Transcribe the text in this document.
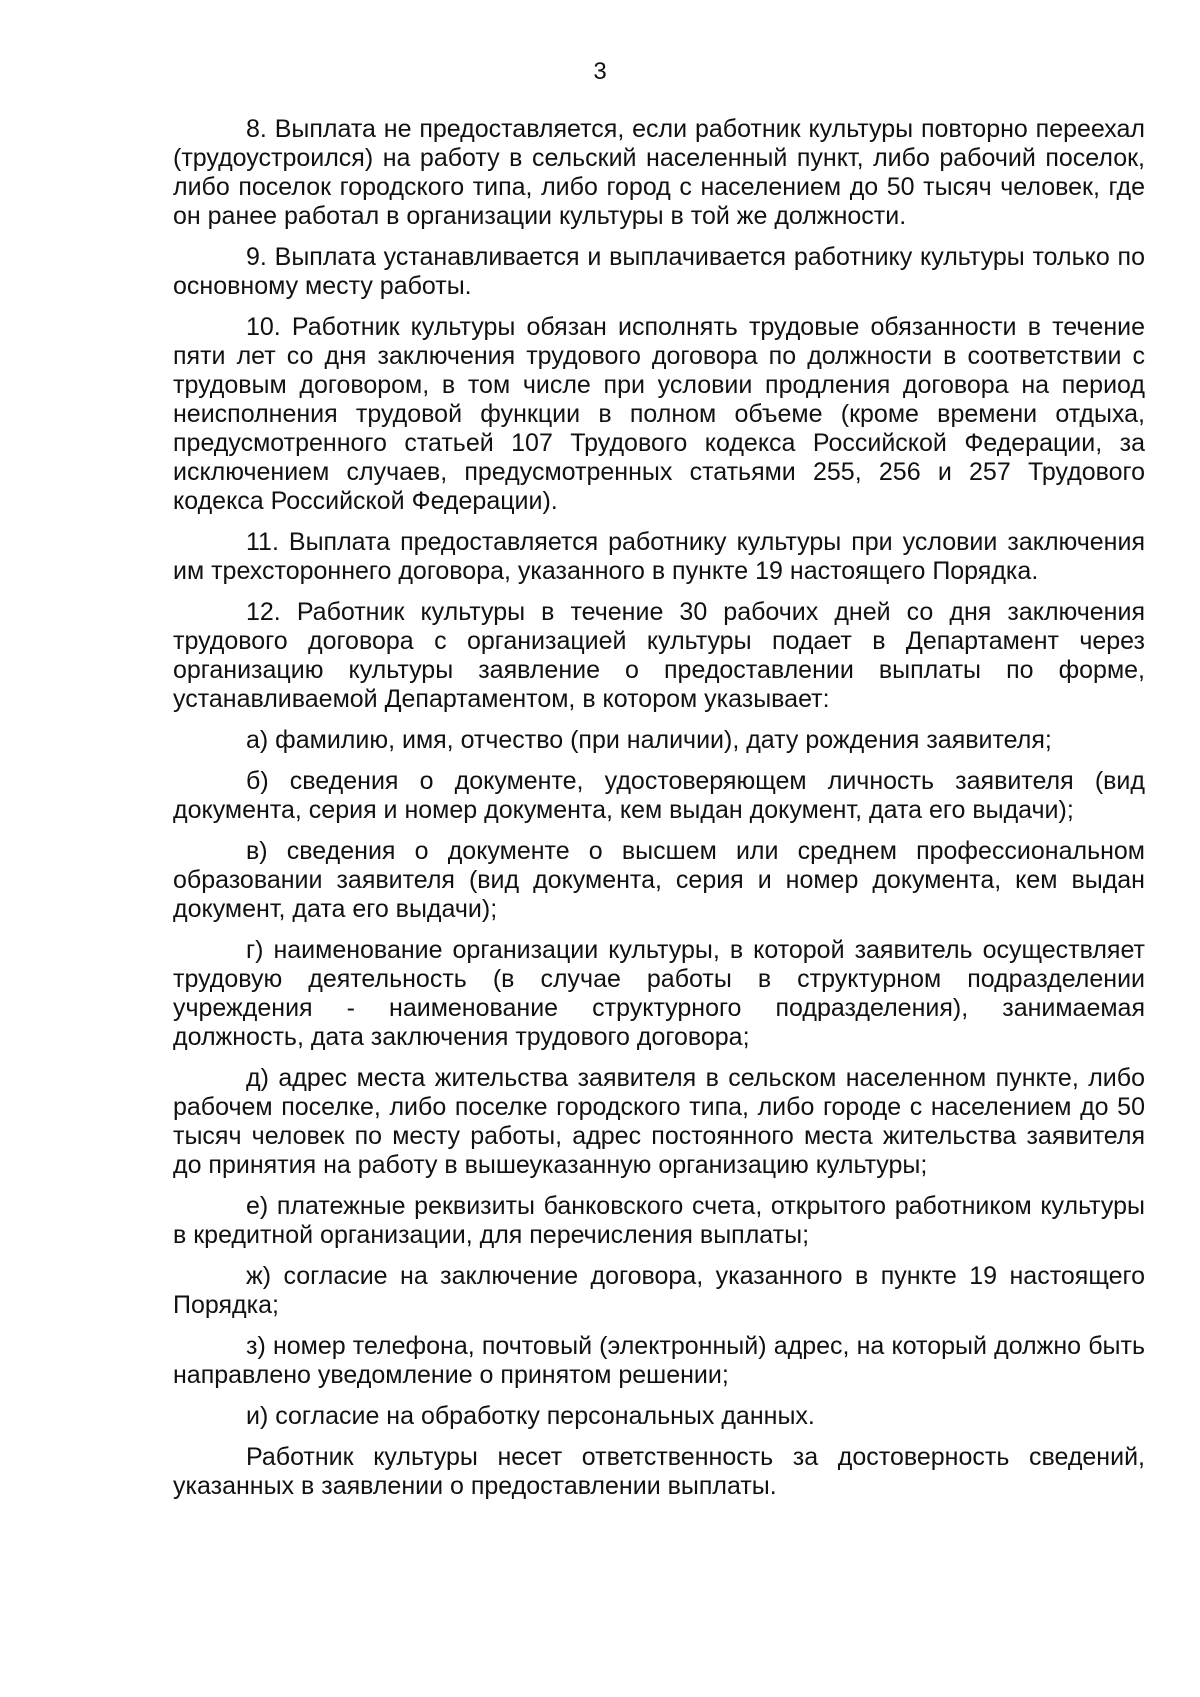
3

8. Выплата не предоставляется, если работник культуры повторно переехал (трудоустроился) на работу в сельский населенный пункт, либо рабочий поселок, либо поселок городского типа, либо город с населением до 50 тысяч человек, где он ранее работал в организации культуры в той же должности.

9. Выплата устанавливается и выплачивается работнику культуры только по основному месту работы.

10. Работник культуры обязан исполнять трудовые обязанности в течение пяти лет со дня заключения трудового договора по должности в соответствии с трудовым договором, в том числе при условии продления договора на период неисполнения трудовой функции в полном объеме (кроме времени отдыха, предусмотренного статьей 107 Трудового кодекса Российской Федерации, за исключением случаев, предусмотренных статьями 255, 256 и 257 Трудового кодекса Российской Федерации).

11. Выплата предоставляется работнику культуры при условии заключения им трехстороннего договора, указанного в пункте 19 настоящего Порядка.

12. Работник культуры в течение 30 рабочих дней со дня заключения трудового договора с организацией культуры подает в Департамент через организацию культуры заявление о предоставлении выплаты по форме, устанавливаемой Департаментом, в котором указывает:

а) фамилию, имя, отчество (при наличии), дату рождения заявителя;

б) сведения о документе, удостоверяющем личность заявителя (вид документа, серия и номер документа, кем выдан документ, дата его выдачи);

в) сведения о документе о высшем или среднем профессиональном образовании заявителя (вид документа, серия и номер документа, кем выдан документ, дата его выдачи);

г) наименование организации культуры, в которой заявитель осуществляет трудовую деятельность (в случае работы в структурном подразделении учреждения - наименование структурного подразделения), занимаемая должность, дата заключения трудового договора;

д) адрес места жительства заявителя в сельском населенном пункте, либо рабочем поселке, либо поселке городского типа, либо городе с населением до 50 тысяч человек по месту работы, адрес постоянного места жительства заявителя до принятия на работу в вышеуказанную организацию культуры;

е) платежные реквизиты банковского счета, открытого работником культуры в кредитной организации, для перечисления выплаты;

ж) согласие на заключение договора, указанного в пункте 19 настоящего Порядка;

з) номер телефона, почтовый (электронный) адрес, на который должно быть направлено уведомление о принятом решении;

и) согласие на обработку персональных данных.

Работник культуры несет ответственность за достоверность сведений, указанных в заявлении о предоставлении выплаты.
